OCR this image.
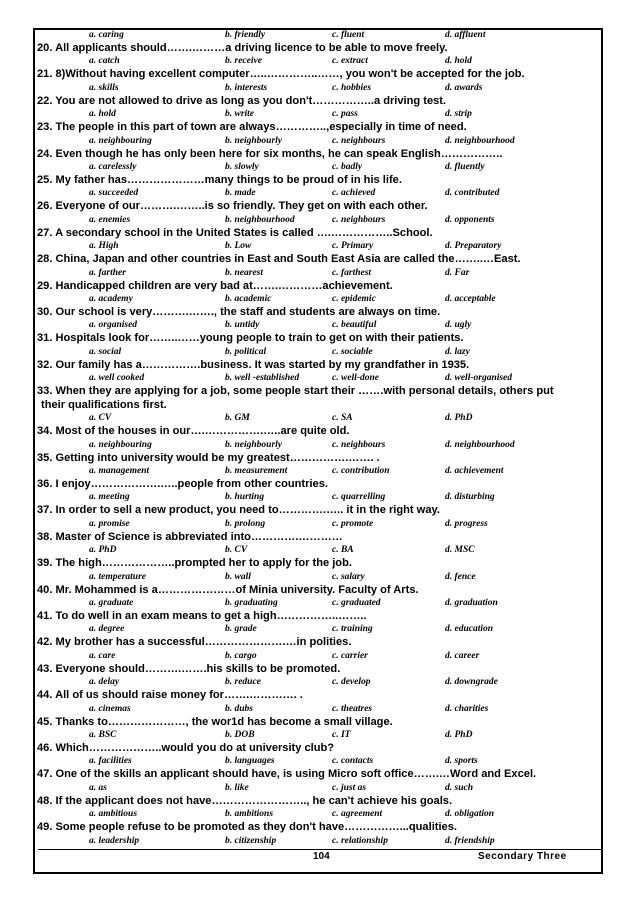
a. caring	b. friendly	c. fluent	d. affluent
20. All applicants should…….………a driving licence to be able to move freely.
a. catch	b. receive	c. extract	d. hold
21. 8)Without having excellent computer…..…………..……, you won't be accepted for the job.
a. skills	b. interests	c. hobbies	d. awards
22. You are not allowed to drive as long as you don't……………..a driving test.
a. hold	b. write	c. pass	d. strip
23. The people in this part of town are always…………..,especially in time of need.
a. neighbouring	b. neighbourly	c. neighbours	d. neighbourhood
24. Even though he has only been here for six months, he can speak English……………..
a. carelessly	b. slowly	c. badly	d. fluently
25. My father has…………………many things to be proud of in his life.
a. succeeded	b. made	c. achieved	d. contributed
26. Everyone of our……….……..is so friendly. They get on with each other.
a. enemies	b. neighbourhood	c. neighbours	d. opponents
27. A secondary school in the United States is called ….……………..School.
a. High	b. Low	c. Primary	d. Preparatory
28. China, Japan and other countries in East and South East Asia are called the……..…East.
a. farther	b. nearest	c. farthest	d. Far
29. Handicapped children are very bad at…….…………achievement.
a. academy	b. academic	c. epidemic	d. acceptable
30. Our school is very……….……., the staff and students are always on time.
a. organised	b. untidy	c. beautiful	d. ugly
31. Hospitals look for……..……young people to train to get on with their patients.
a. social	b. political	c. sociable	d. lazy
32. Our family has a…………….business. It was started by my grandfather in 1935.
a. well cooked	b. well -established	c. well-done	d. well-organised
33. When they are applying for a job, some people start their …….with personal details, others put
their qualifications first.
a. CV	b. GM	c. SA	d. PhD
34. Most of the houses in our….…………….…..are quite old.
a. neighbouring	b. neighbourly	c. neighbours	d. neighbourhood
35. Getting into university would be my greatest…………….……. .
a. management	b. measurement	c. contribution	d. achievement
36. I enjoy……………….…..people from other countries.
a. meeting	b. hurting	c. quarrelling	d. disturbing
37. In order to sell a new product, you need to………….….. it in the right way.
a. promise	b. prolong	c. promote	d. progress
38. Master of Science is abbreviated into………….…………
a. PhD	b. CV	c. BA	d. MSC
39. The high………………..prompted her to apply for the job.
a. temperature	b. wall	c. salary	d. fence
40. Mr. Mohammed is a…………………of Minia university. Faculty of Arts.
a. graduate	b. graduating	c. graduated	d. graduation
41. To do well in an exam means to get a high……………..……..
a. degree	b. grade	c. training	d. education
42. My brother has a successful………………….…in polities.
a. care	b. cargo	c. carrier	d. career
43. Everyone should……….…….his skills to be promoted.
a. delay	b. reduce	c. develop	d. downgrade
44. All of us should raise money for…….…………. .
a. cinemas	b. dubs	c. theatres	d. charities
45. Thanks to…………………, the wor1d has become a small village.
a. BSC	b. DOB	c. IT	d. PhD
46. Which………………..would you do at university club?
a. facilities	b. languages	c. contacts	d. sports
47. One of the skills an applicant should have, is using Micro soft office…….…Word and Excel.
a. as	b. like	c. just as	d. such
48. If the applicant does not have…………………….., he can't achieve his goals.
a. ambitious	b. ambitions	c. agreement	d. obligation
49. Some people refuse to be promoted as they don't have……………...qualities.
a. leadership	b. citizenship	c. relationship	d. friendship
104	Secondary Three
